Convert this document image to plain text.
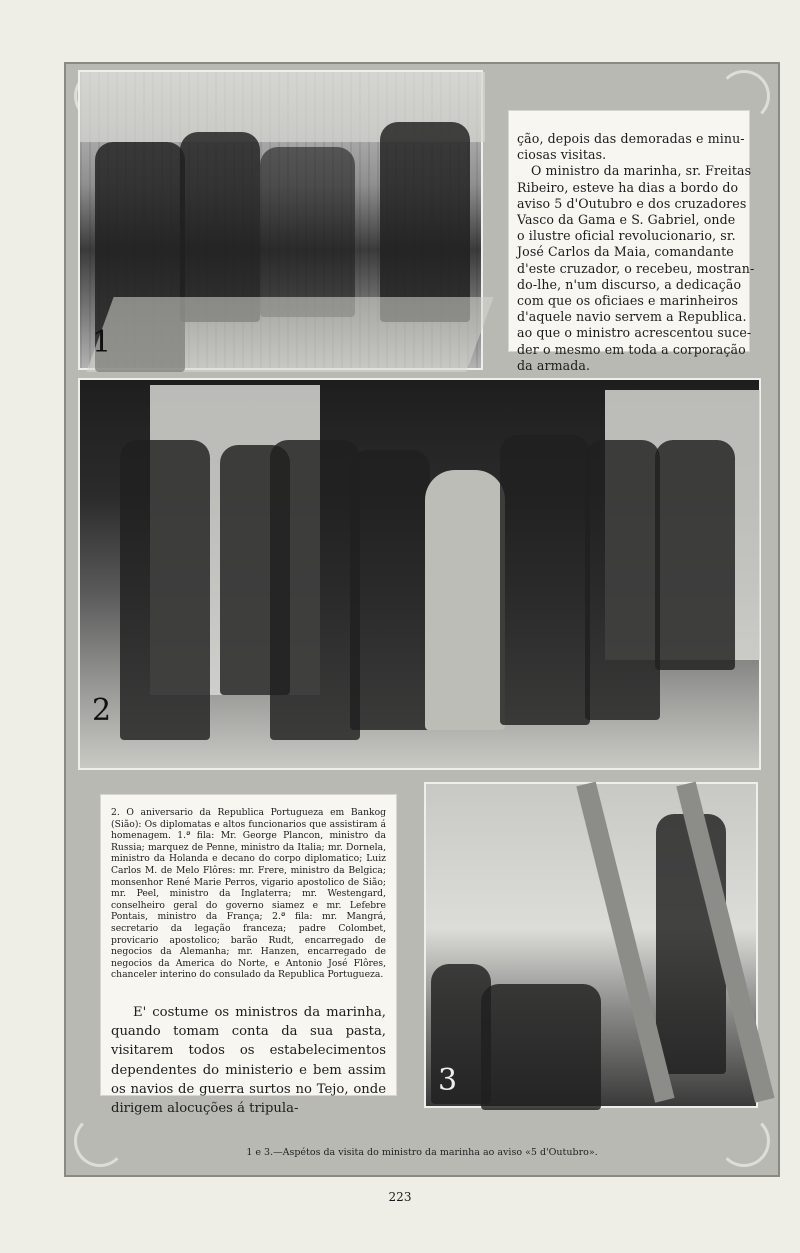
1

ção, depois das demoradas e minu-

ciosas visitas.

O ministro da marinha, sr. Freitas

Ribeiro, esteve ha dias a bordo do

aviso 5 d'Outubro e dos cruzadores

Vasco da Gama e S. Gabriel, onde

o ilustre oficial revolucionario, sr.

José Carlos da Maia, comandante

d'este cruzador, o recebeu, mostran-

do-lhe, n'um discurso, a dedicação

com que os oficiaes e marinheiros

d'aquele navio servem a Republica.

ao que o ministro acrescentou suce-

der o mesmo em toda a corporação

da armada.

2

2. O aniversario da Republica Portugueza em Bankog (Sião): Os diplomatas e altos funcionarios que assistiram á homenagem. 1.ª fila: Mr. George Plancon, ministro da Russia; marquez de Penne, ministro da Italia; mr. Dornela, ministro da Holanda e decano do corpo diplomatico; Luiz Carlos M. de Melo Flôres: mr. Frere, ministro da Belgica; monsenhor René Marie Perros, vigario apostolico de Sião; mr. Peel, ministro da Inglaterra; mr. Westengard, conselheiro geral do governo siamez e mr. Lefebre Pontais, ministro da França; 2.ª fila: mr. Mangrá, secretario da legação franceza; padre Colombet, provicario apostolico; barão Rudt, encarregado de negocios da Alemanha; mr. Hanzen, encarregado de negocios da America do Norte, e Antonio José Flôres, chanceler interino do consulado da Republica Portugueza.

E' costume os ministros da marinha, quando tomam conta da sua pasta, visitarem todos os estabelecimentos dependentes do ministerio e bem assim os navios de guerra surtos no Tejo, onde dirigem alocuções á tripula-

3
1 e 3.—Aspétos da visita do ministro da marinha ao aviso «5 d'Outubro».
223
